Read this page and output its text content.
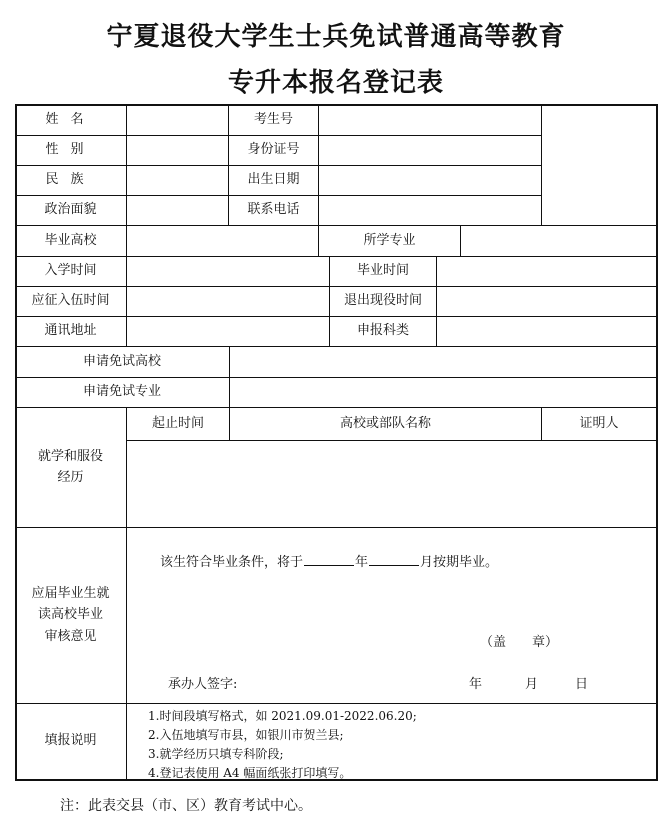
宁夏退役大学生士兵免试普通高等教育
专升本报名登记表
姓名	考生号
性别	身份证号
民族	出生日期
政治面貌	联系电话
毕业高校	所学专业
入学时间	毕业时间
应征入伍时间	退出现役时间
通讯地址	申报科类
申请免试高校
申请免试专业
就学和服役
经历
起止时间	高校或部队名称	证明人
应届毕业生就
读高校毕业
审核意见
该生符合毕业条件，将于	年	月按期毕业。
（盖　　章）
承办人签字:	年	月	日
填报说明
1.时间段填写格式，如 2021.09.01-2022.06.20;
2.入伍地填写市县，如银川市贺兰县;
3.就学经历只填专科阶段;
4.登记表使用 A4 幅面纸张打印填写。
注：此表交县（市、区）教育考试中心。
